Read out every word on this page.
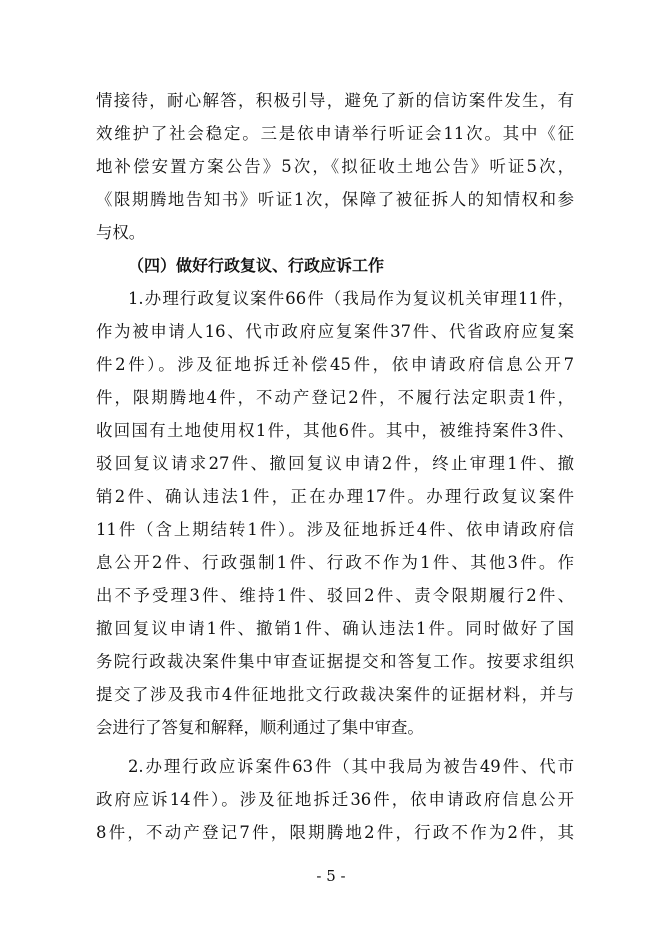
情接待，耐心解答，积极引导，避免了新的信访案件发生，有
效维护了社会稳定。三是依申请举行听证会11次。其中《征
地补偿安置方案公告》5次，《拟征收土地公告》听证5次，
《限期腾地告知书》听证1次，保障了被征拆人的知情权和参
与权。
（四）做好行政复议、行政应诉工作
1.办理行政复议案件66件（我局作为复议机关审理11件，
作为被申请人16、代市政府应复案件37件、代省政府应复案
件2件）。涉及征地拆迁补偿45件，依申请政府信息公开7
件，限期腾地4件，不动产登记2件，不履行法定职责1件，
收回国有土地使用权1件，其他6件。其中，被维持案件3件、
驳回复议请求27件、撤回复议申请2件，终止审理1件、撤
销2件、确认违法1件，正在办理17件。办理行政复议案件
11件（含上期结转1件）。涉及征地拆迁4件、依申请政府信
息公开2件、行政强制1件、行政不作为1件、其他3件。作
出不予受理3件、维持1件、驳回2件、责令限期履行2件、
撤回复议申请1件、撤销1件、确认违法1件。同时做好了国
务院行政裁决案件集中审查证据提交和答复工作。按要求组织
提交了涉及我市4件征地批文行政裁决案件的证据材料，并与
会进行了答复和解释，顺利通过了集中审查。
2.办理行政应诉案件63件（其中我局为被告49件、代市
政府应诉14件）。涉及征地拆迁36件，依申请政府信息公开
8件，不动产登记7件，限期腾地2件，行政不作为2件，其
- 5 -
